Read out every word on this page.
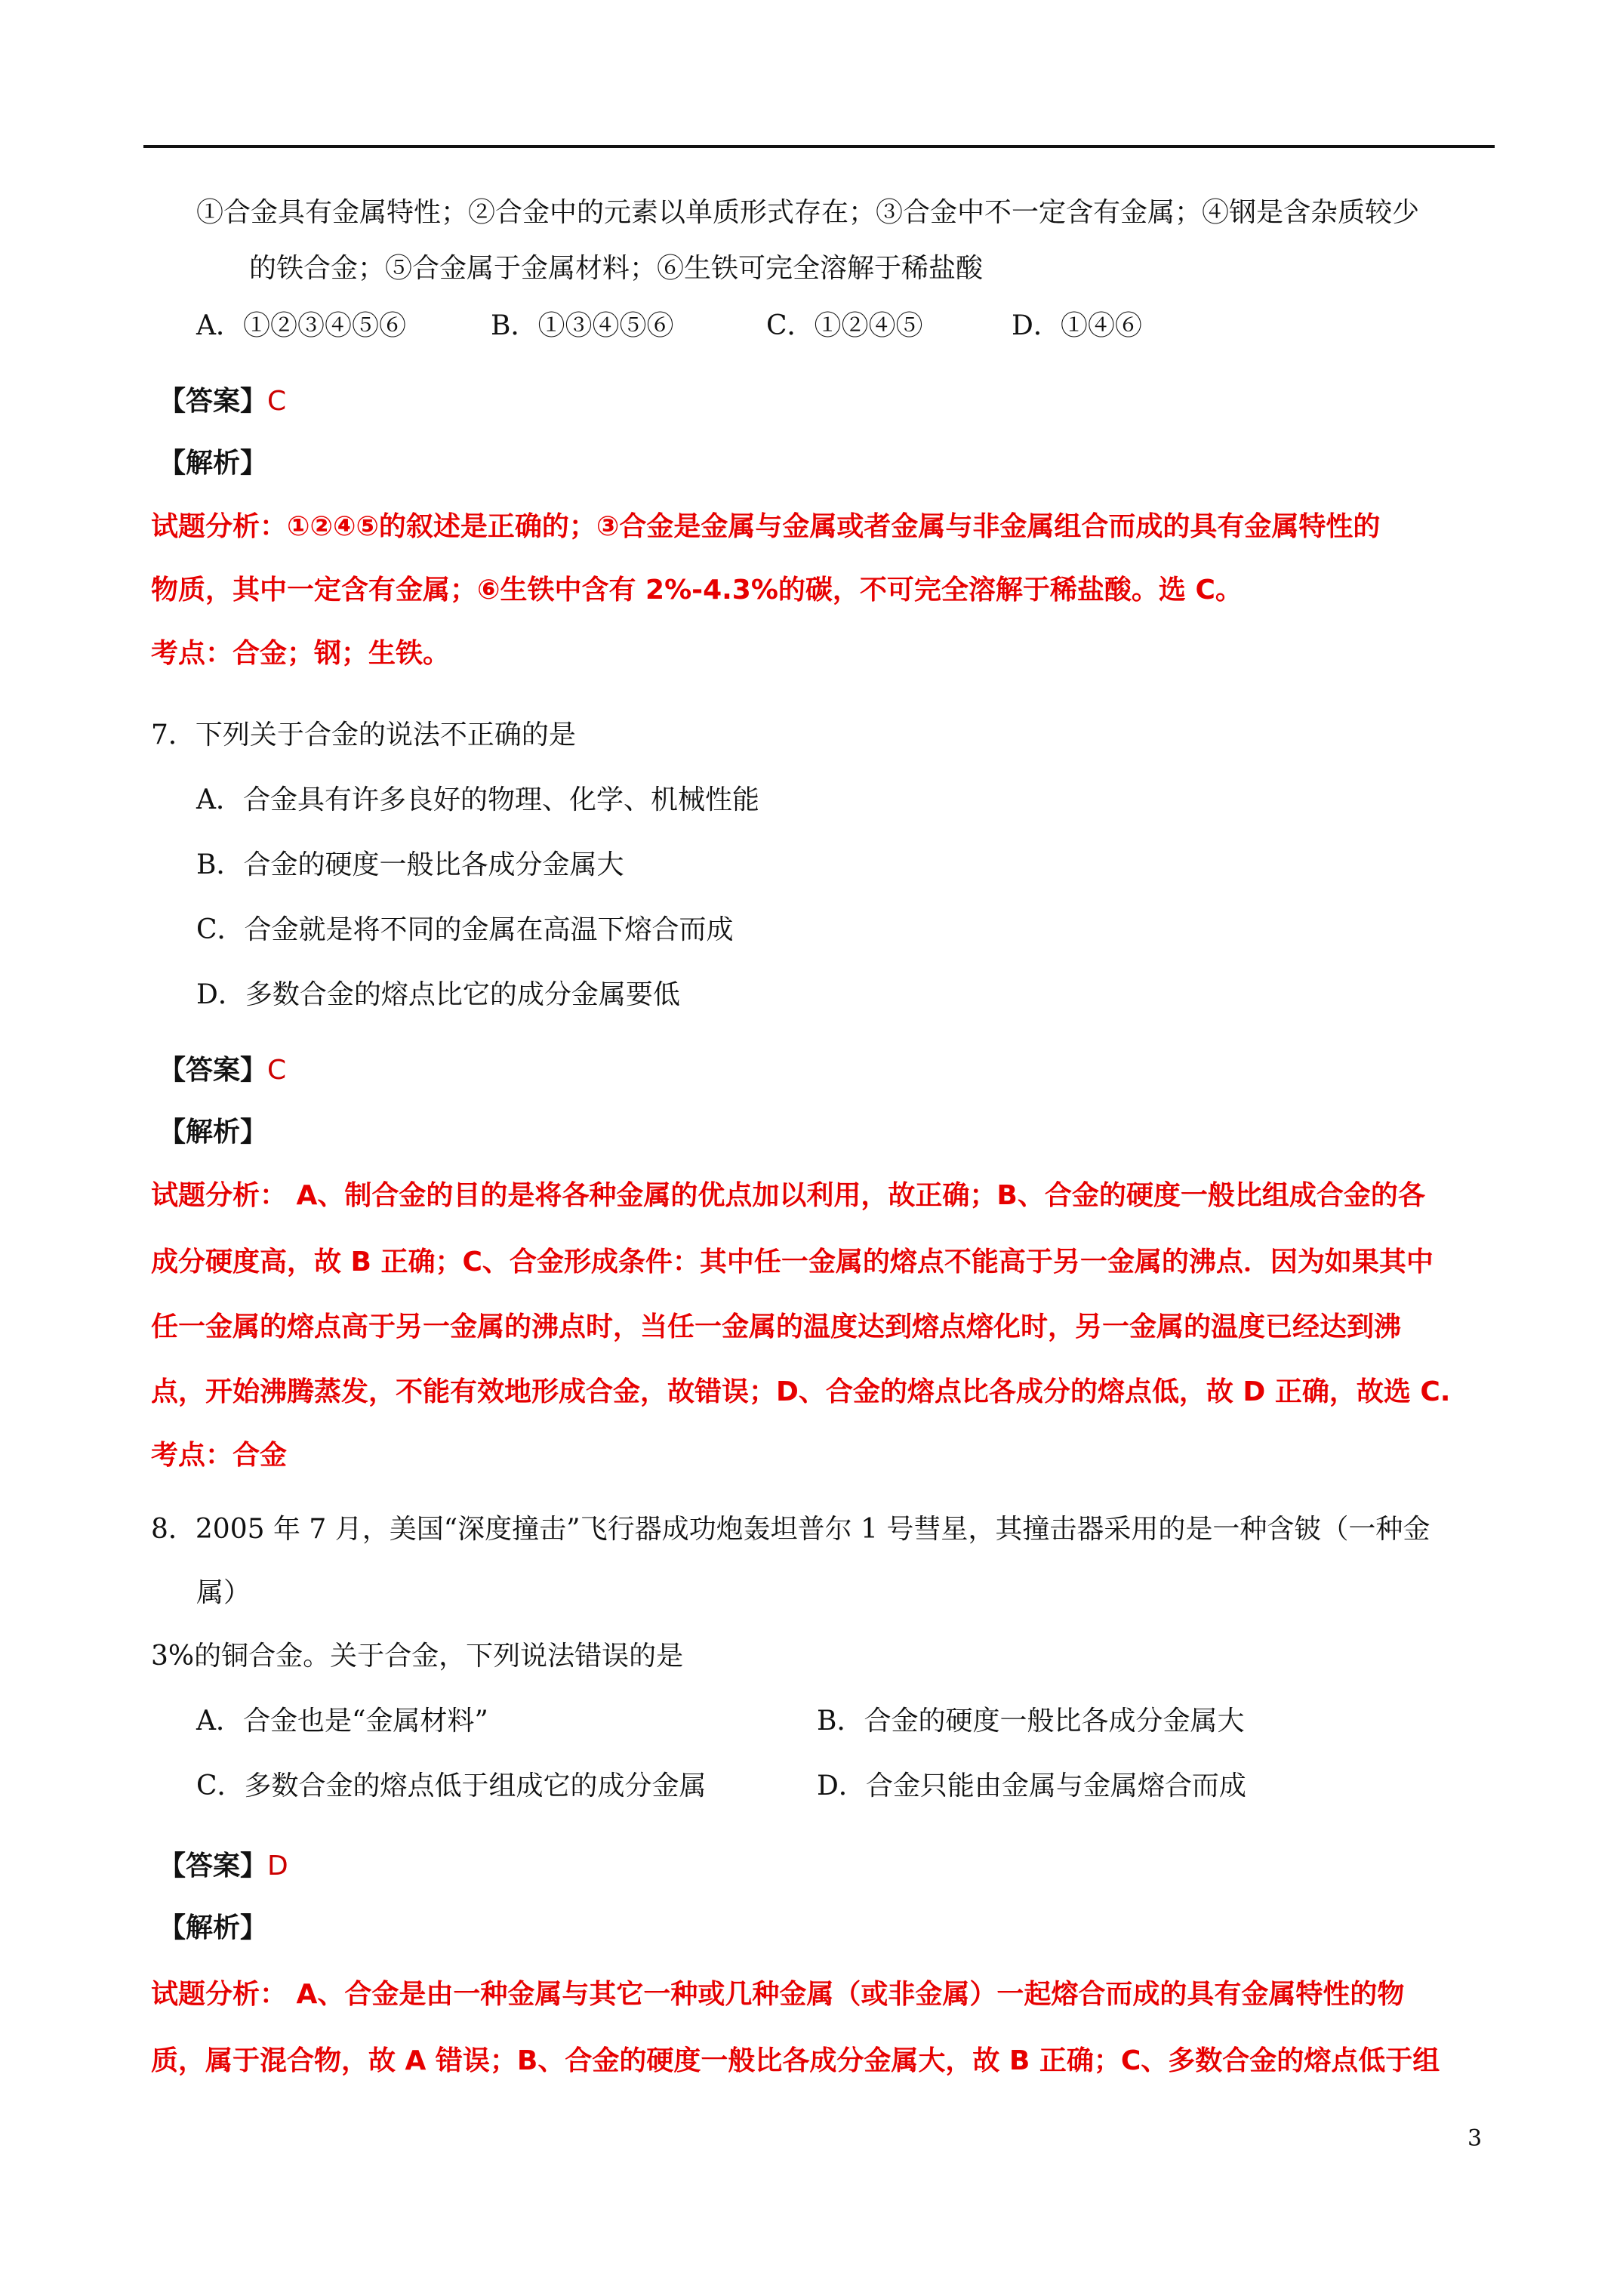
①合金具有金属特性；②合金中的元素以单质形式存在；③合金中不一定含有金属；④钢是含杂质较少
的铁合金；⑤合金属于金属材料；⑥生铁可完全溶解于稀盐酸
A．①②③④⑤⑥	B．①③④⑤⑥	C．①②④⑤	D．①④⑥
【答案】C
【解析】
试题分析：①②④⑤的叙述是正确的；③合金是金属与金属或者金属与非金属组合而成的具有金属特性的
物质，其中一定含有金属；⑥生铁中含有 2%-4.3%的碳，不可完全溶解于稀盐酸。选 C。
考点：合金；钢；生铁。
7．下列关于合金的说法不正确的是
A．合金具有许多良好的物理、化学、机械性能
B．合金的硬度一般比各成分金属大
C．合金就是将不同的金属在高温下熔合而成
D．多数合金的熔点比它的成分金属要低
【答案】C
【解析】
试题分析： A、制合金的目的是将各种金属的优点加以利用，故正确；B、合金的硬度一般比组成合金的各
成分硬度高，故 B 正确；C、合金形成条件：其中任一金属的熔点不能高于另一金属的沸点．因为如果其中
任一金属的熔点高于另一金属的沸点时，当任一金属的温度达到熔点熔化时，另一金属的温度已经达到沸
点，开始沸腾蒸发，不能有效地形成合金，故错误；D、合金的熔点比各成分的熔点低，故 D 正确，故选 C.
考点：合金
8．2005 年 7 月，美国“深度撞击”飞行器成功炮轰坦普尔 1 号彗星，其撞击器采用的是一种含铍（一种金
属）
3%的铜合金。关于合金，下列说法错误的是
A．合金也是“金属材料”	B．合金的硬度一般比各成分金属大
C．多数合金的熔点低于组成它的成分金属	D．合金只能由金属与金属熔合而成
【答案】D
【解析】
试题分析： A、合金是由一种金属与其它一种或几种金属（或非金属）一起熔合而成的具有金属特性的物
质，属于混合物，故 A 错误；B、合金的硬度一般比各成分金属大，故 B 正确；C、多数合金的熔点低于组
3
